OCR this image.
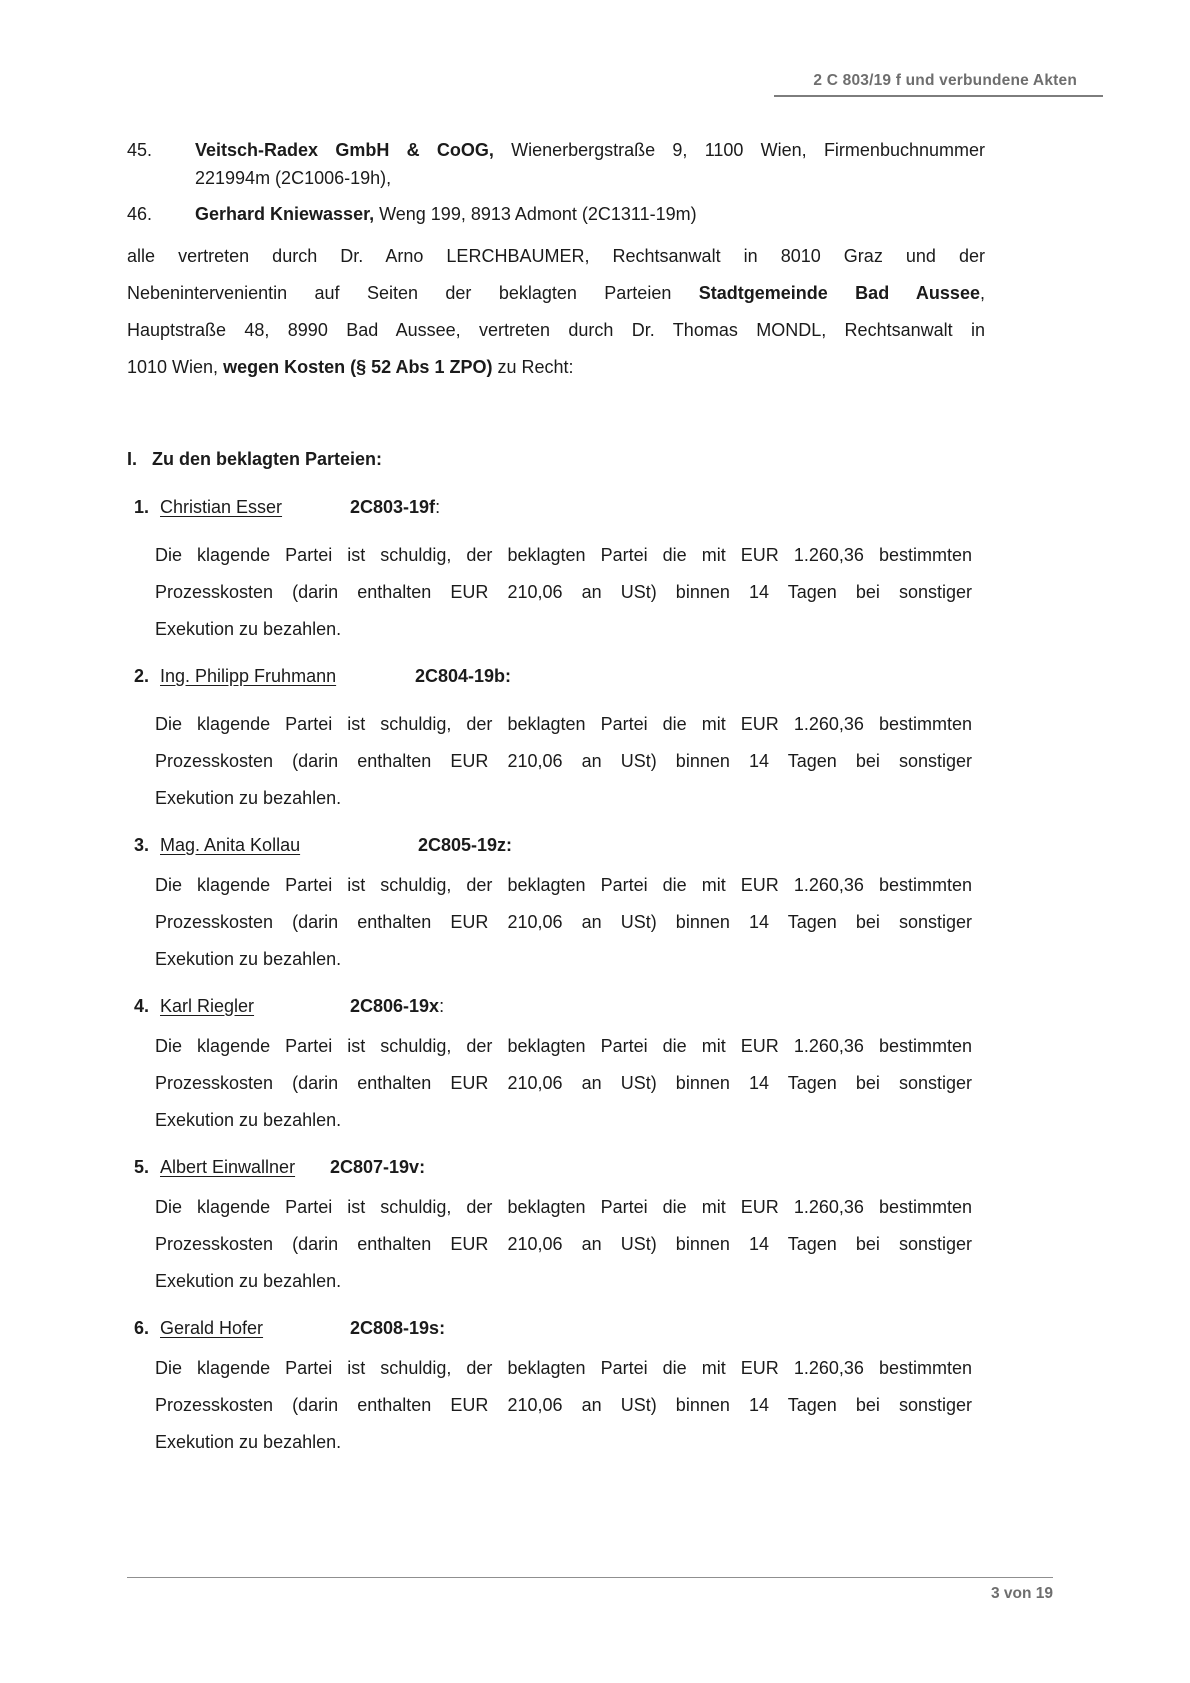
2 C 803/19 f und verbundene Akten
45.	Veitsch-Radex GmbH & CoOG, Wienerbergstraße 9, 1100 Wien, Firmenbuchnummer
221994m (2C1006-19h),
46.	Gerhard Kniewasser, Weng 199, 8913 Admont (2C1311-19m)
alle vertreten durch Dr. Arno LERCHBAUMER, Rechtsanwalt in 8010 Graz und der
Nebenintervenientin auf Seiten der beklagten Parteien Stadtgemeinde Bad Aussee,
Hauptstraße 48, 8990 Bad Aussee, vertreten durch Dr. Thomas MONDL, Rechtsanwalt in
1010 Wien, wegen Kosten (§ 52 Abs 1 ZPO) zu Recht:
I. Zu den beklagten Parteien:
1. Christian Esser	2C803-19f:
Die klagende Partei ist schuldig, der beklagten Partei die mit EUR 1.260,36 bestimmten
Prozesskosten (darin enthalten EUR 210,06 an USt) binnen 14 Tagen bei sonstiger
Exekution zu bezahlen.
2. Ing. Philipp Fruhmann	2C804-19b:
Die klagende Partei ist schuldig, der beklagten Partei die mit EUR 1.260,36 bestimmten
Prozesskosten (darin enthalten EUR 210,06 an USt) binnen 14 Tagen bei sonstiger
Exekution zu bezahlen.
3. Mag. Anita Kollau	2C805-19z:
Die klagende Partei ist schuldig, der beklagten Partei die mit EUR 1.260,36 bestimmten
Prozesskosten (darin enthalten EUR 210,06 an USt) binnen 14 Tagen bei sonstiger
Exekution zu bezahlen.
4. Karl Riegler	2C806-19x:
Die klagende Partei ist schuldig, der beklagten Partei die mit EUR 1.260,36 bestimmten
Prozesskosten (darin enthalten EUR 210,06 an USt) binnen 14 Tagen bei sonstiger
Exekution zu bezahlen.
5. Albert Einwallner 2C807-19v:
Die klagende Partei ist schuldig, der beklagten Partei die mit EUR 1.260,36 bestimmten
Prozesskosten (darin enthalten EUR 210,06 an USt) binnen 14 Tagen bei sonstiger
Exekution zu bezahlen.
6. Gerald Hofer	2C808-19s:
Die klagende Partei ist schuldig, der beklagten Partei die mit EUR 1.260,36 bestimmten
Prozesskosten (darin enthalten EUR 210,06 an USt) binnen 14 Tagen bei sonstiger
Exekution zu bezahlen.
3 von 19
